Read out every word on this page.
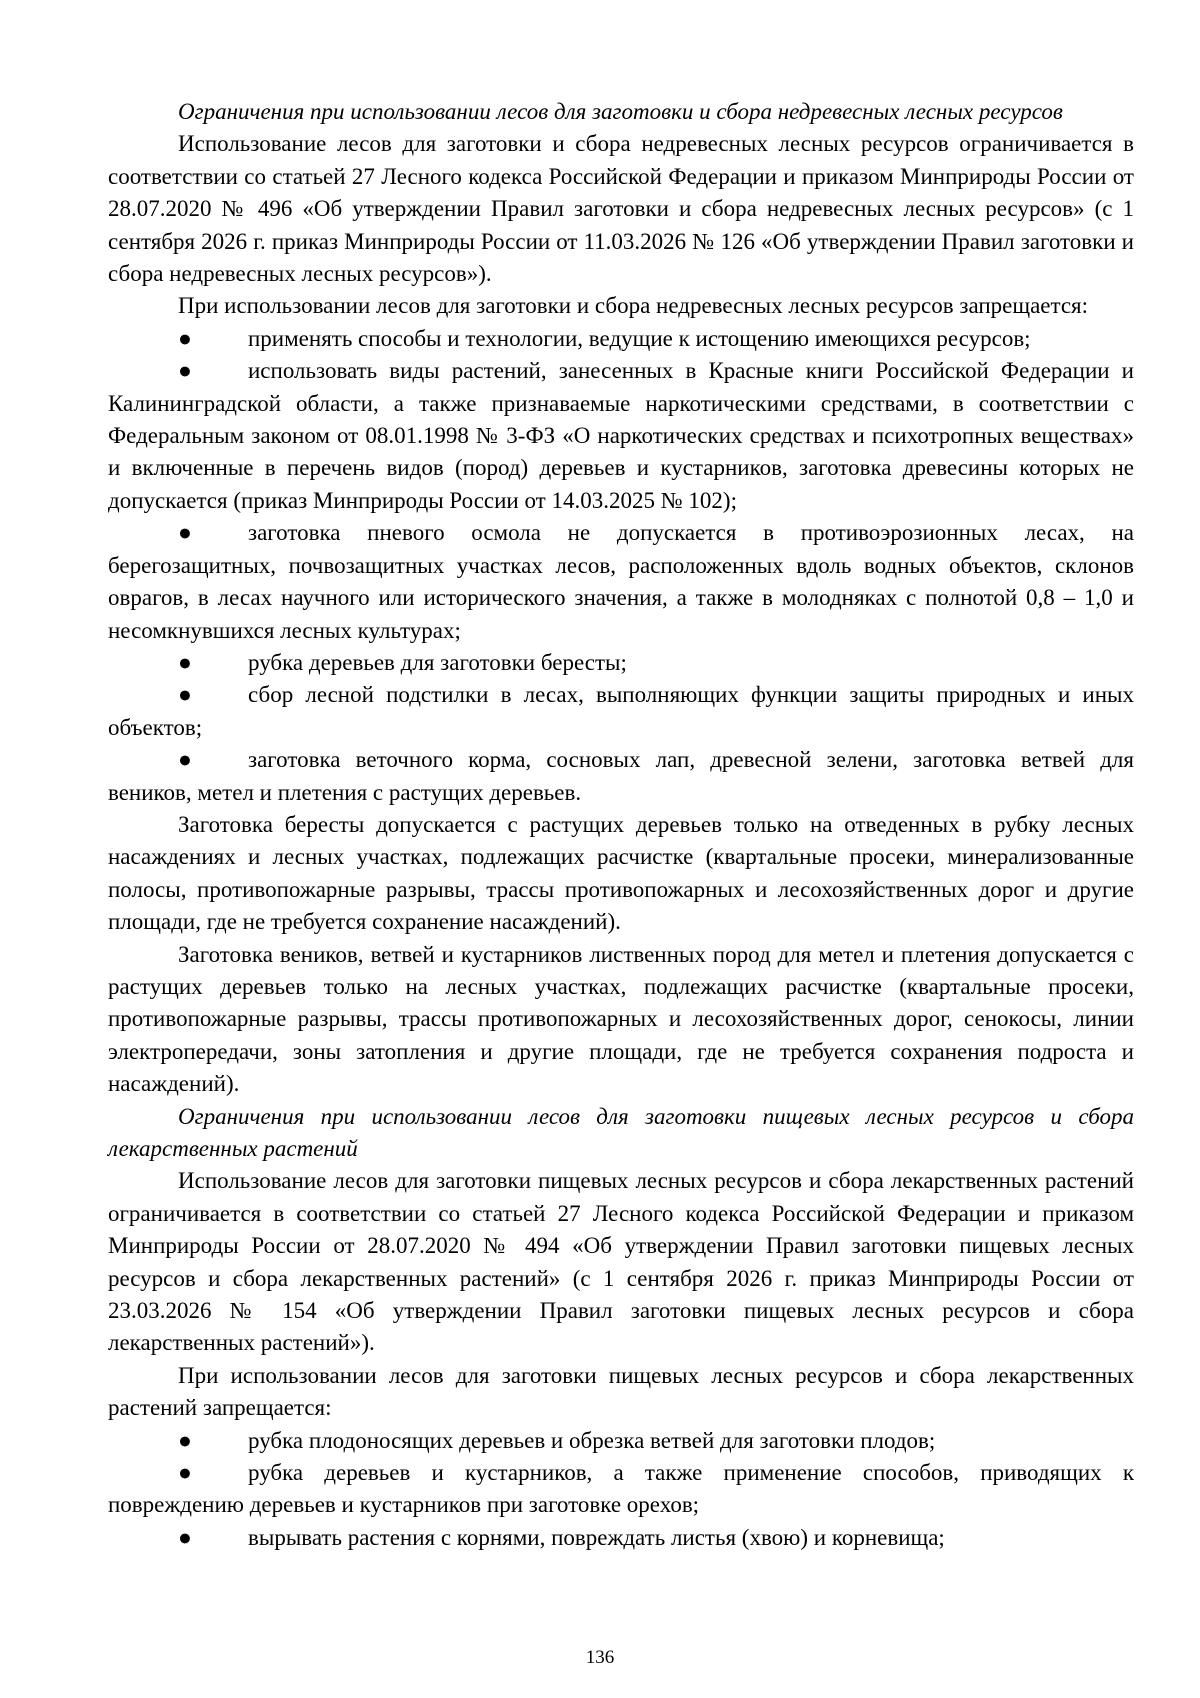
Ограничения при использовании лесов для заготовки и сбора недревесных лесных ресурсов

Использование лесов для заготовки и сбора недревесных лесных ресурсов ограничивается в соответствии со статьей 27 Лесного кодекса Российской Федерации и приказом Минприроды России от 28.07.2020 № 496 «Об утверждении Правил заготовки и сбора недревесных лесных ресурсов» (с 1 сентября 2026 г. приказ Минприроды России от 11.03.2026 № 126 «Об утверждении Правил заготовки и сбора недревесных лесных ресурсов»).

При использовании лесов для заготовки и сбора недревесных лесных ресурсов запрещается:

● применять способы и технологии, ведущие к истощению имеющихся ресурсов;

● использовать виды растений, занесенных в Красные книги Российской Федерации и Калининградской области, а также признаваемые наркотическими средствами, в соответствии с Федеральным законом от 08.01.1998 № 3-ФЗ «О наркотических средствах и психотропных веществах» и включенные в перечень видов (пород) деревьев и кустарников, заготовка древесины которых не допускается (приказ Минприроды России от 14.03.2025 № 102);

● заготовка пневого осмола не допускается в противоэрозионных лесах, на берегозащитных, почвозащитных участках лесов, расположенных вдоль водных объектов, склонов оврагов, в лесах научного или исторического значения, а также в молодняках с полнотой 0,8 – 1,0 и несомкнувшихся лесных культурах;

● рубка деревьев для заготовки бересты;

● сбор лесной подстилки в лесах, выполняющих функции защиты природных и иных объектов;

● заготовка веточного корма, сосновых лап, древесной зелени, заготовка ветвей для веников, метел и плетения с растущих деревьев.

Заготовка бересты допускается с растущих деревьев только на отведенных в рубку лесных насаждениях и лесных участках, подлежащих расчистке (квартальные просеки, минерализованные полосы, противопожарные разрывы, трассы противопожарных и лесохозяйственных дорог и другие площади, где не требуется сохранение насаждений).

Заготовка веников, ветвей и кустарников лиственных пород для метел и плетения допускается с растущих деревьев только на лесных участках, подлежащих расчистке (квартальные просеки, противопожарные разрывы, трассы противопожарных и лесохозяйственных дорог, сенокосы, линии электропередачи, зоны затопления и другие площади, где не требуется сохранения подроста и насаждений).

Ограничения при использовании лесов для заготовки пищевых лесных ресурсов и сбора лекарственных растений

Использование лесов для заготовки пищевых лесных ресурсов и сбора лекарственных растений ограничивается в соответствии со статьей 27 Лесного кодекса Российской Федерации и приказом Минприроды России от 28.07.2020 № 494 «Об утверждении Правил заготовки пищевых лесных ресурсов и сбора лекарственных растений» (с 1 сентября 2026 г. приказ Минприроды России от 23.03.2026 № 154 «Об утверждении Правил заготовки пищевых лесных ресурсов и сбора лекарственных растений»).

При использовании лесов для заготовки пищевых лесных ресурсов и сбора лекарственных растений запрещается:

● рубка плодоносящих деревьев и обрезка ветвей для заготовки плодов;

● рубка деревьев и кустарников, а также применение способов, приводящих к повреждению деревьев и кустарников при заготовке орехов;

● вырывать растения с корнями, повреждать листья (хвою) и корневища;

136
